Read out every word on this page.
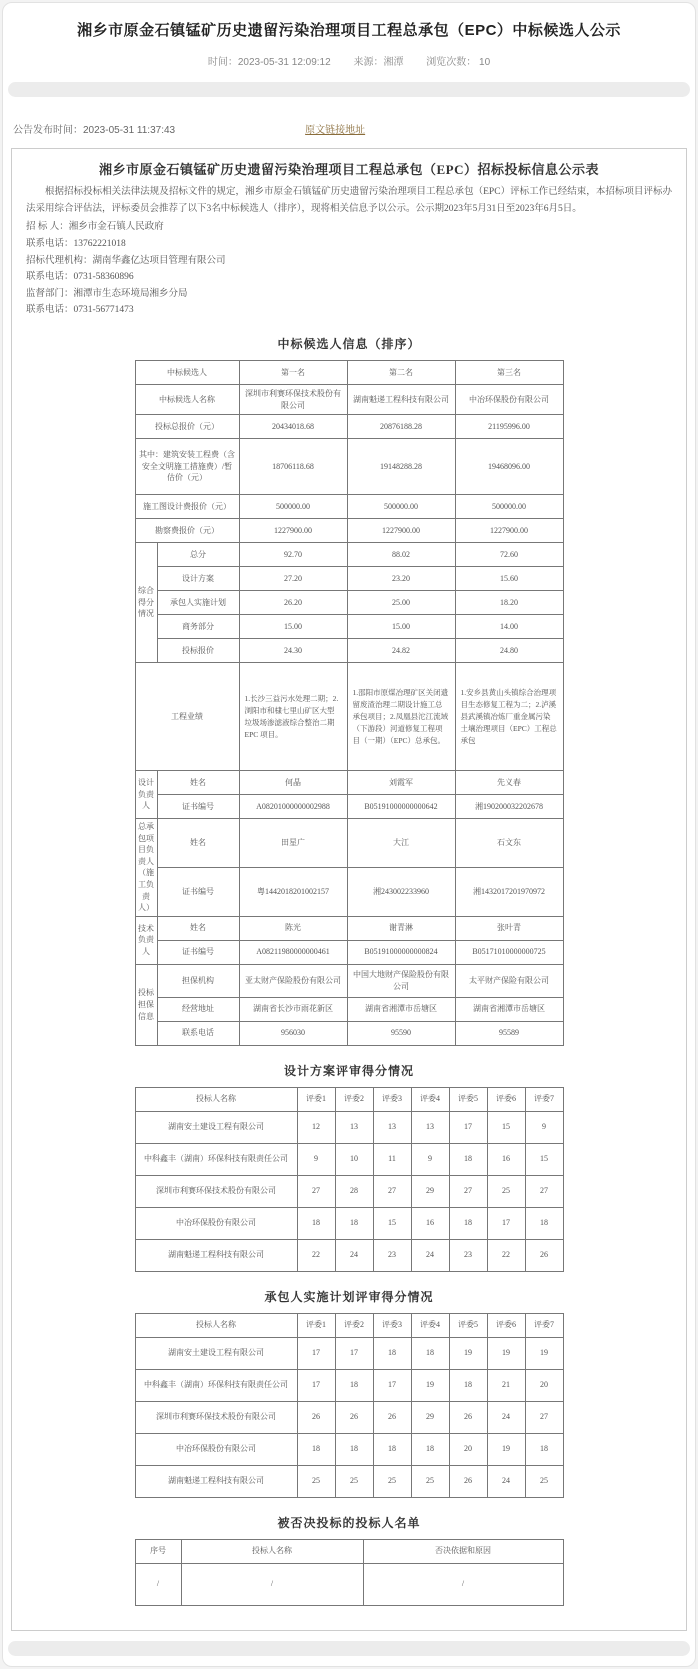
湘乡市原金石镇锰矿历史遗留污染治理项目工程总承包（EPC）中标候选人公示
时间：2023-05-31 12:09:12 来源：湘潭 浏览次数： 10
公告发布时间：2023-05-31 11:37:43	原文链接地址
湘乡市原金石镇锰矿历史遗留污染治理项目工程总承包（EPC）招标投标信息公示表

根据招标投标相关法律法规及招标文件的规定，湘乡市原金石镇锰矿历史遗留污染治理项目工程总承包（EPC）评标工作已经结束，本招标项目评标办法采用综合评估法，评标委员会推荐了以下3名中标候选人（排序），现将相关信息予以公示。公示期2023年5月31日至2023年6月5日。

招 标 人：湘乡市金石镇人民政府
联系电话：13762221018
招标代理机构：湖南华鑫亿达项目管理有限公司
联系电话：0731-58360896
监督部门：湘潭市生态环境局湘乡分局
联系电话：0731-56771473
中标候选人信息（排序）
中标候选人		第一名	第二名	第三名
中标候选人名称		深圳市利赛环保技术股份有限公司	湖南魁递工程科技有限公司	中冶环保股份有限公司
投标总报价（元）		20434018.68	20876188.28	21195996.00
其中：建筑安装工程费（含安全文明施工措施费）/暂估价（元）		18706118.68	19148288.28	19468096.00
施工图设计费报价（元）		500000.00	500000.00	500000.00
勘察费报价（元）		1227900.00	1227900.00	1227900.00
综合得分情况	总分	92.70	88.02	72.60
	设计方案	27.20	23.20	15.60
	承包人实施计划	26.20	25.00	18.20
	商务部分	15.00	15.00	14.00
	投标报价	24.30	24.82	24.80
工程业绩		1.长沙三益污水处理二期；2.浏阳市和棣七里山矿区大型垃圾场渗滤液综合整治二期 EPC 项目。	1.邵阳市原煤冶理矿区关闭遗留废渣治理二期设计施工总承包项目；2.凤凰县沱江流域（下游段）河道修复工程项目（一期）（EPC）总承包。	1.安乡县黄山头镇综合治理项目生态修复工程为二；2.泸溪县武溪镇冶炼厂重金属污染土壤治理项目（EPC）工程总承包
设计负责人	姓名	何晶	刘霞军	先义春
	证书编号	A08201000000002988	B05191000000000642	湘190200032202678
总承包项目负责人（施工负责人）	姓名	田星广	大江	石文东
	证书编号	粤1442018201002157	湘243002233960	湘1432017201970972
技术负责人	姓名	陈光	谢青淋	张叶青
	证书编号	A08211980000000461	B05191000000000824	B05171010000000725
投标担保信息	担保机构	亚太财产保险股份有限公司	中国大地财产保险股份有限公司	太平财产保险有限公司
	经营地址	湖南省长沙市雨花新区	湖南省湘潭市岳塘区	湖南省湘潭市岳塘区
	联系电话	956030	95590	95589
设计方案评审得分情况
投标人名称	评委1	评委2	评委3	评委4	评委5	评委6	评委7
湖南安土建设工程有限公司	12	13	13	13	17	15	9
中科鑫丰（湖南）环保科技有限责任公司	9	10	11	9	18	16	15
深圳市利赛环保技术股份有限公司	27	28	27	29	27	25	27
中冶环保股份有限公司	18	18	15	16	18	17	18
湖南魁递工程科技有限公司	22	24	23	24	23	22	26
承包人实施计划评审得分情况
投标人名称	评委1	评委2	评委3	评委4	评委5	评委6	评委7
湖南安土建设工程有限公司	17	17	18	18	19	19	19
中科鑫丰（湖南）环保科技有限责任公司	17	18	17	19	18	21	20
深圳市利赛环保技术股份有限公司	26	26	26	29	26	24	27
中冶环保股份有限公司	18	18	18	18	20	19	18
湖南魁递工程科技有限公司	25	25	25	25	26	24	25
被否决投标的投标人名单
序号	投标人名称	否决依据和原因
/	/	/
